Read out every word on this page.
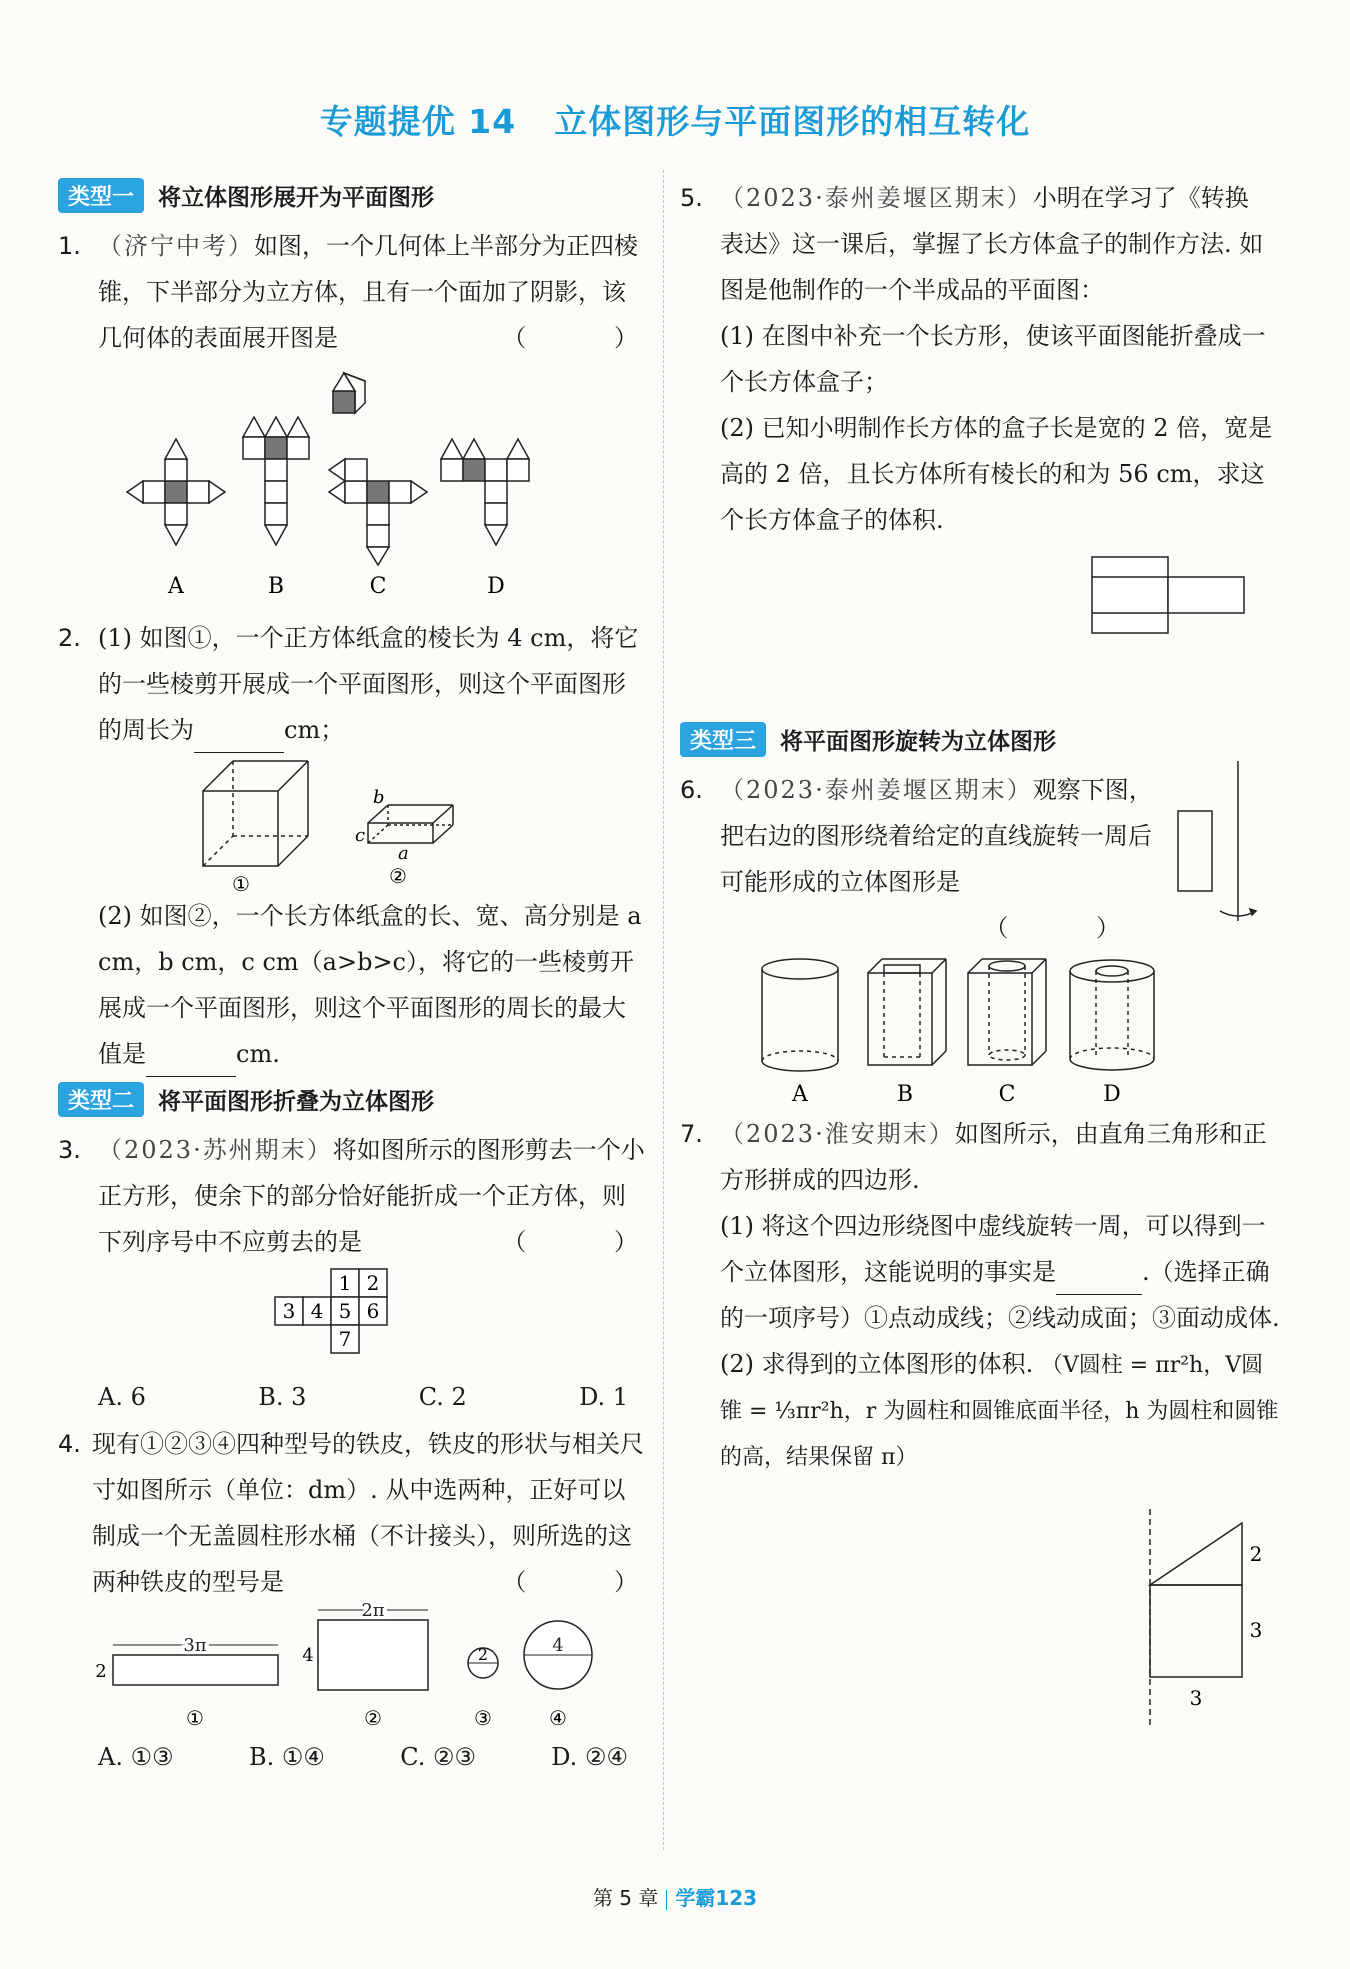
专题提优 14 立体图形与平面图形的相互转化
类型一	将立体图形展开为平面图形
1. （济宁中考）如图，一个几何体上半部分为正四棱锥，下半部分为立方体，且有一个面加了阴影，该几何体的表面展开图是	（ ）
A	B	C	D
2. (1) 如图①，一个正方体纸盒的棱长为 4 cm，将它的一些棱剪开展成一个平面图形，则这个平面图形的周长为	cm；
①
b
c
a
②
(2) 如图②，一个长方体纸盒的长、宽、高分别是 a cm，b cm，c cm（a>b>c），将它的一些棱剪开展成一个平面图形，则这个平面图形的周长的最大值是	cm.
类型二	将平面图形折叠为立体图形
3. （2023·苏州期末）将如图所示的图形剪去一个小正方形，使余下的部分恰好能折成一个正方体，则下列序号中不应剪去的是	（ ）
1 2
3 4 5 6
7
A. 6	B. 3	C. 2	D. 1
4. 现有①②③④四种型号的铁皮，铁皮的形状与相关尺寸如图所示（单位：dm）. 从中选两种，正好可以制成一个无盖圆柱形水桶（不计接头），则所选的这两种铁皮的型号是	（ ）
3π
2
2π
4	2	4
①	②	③	④
A. ①③	B. ①④	C. ②③	D. ②④
5. （2023·泰州姜堰区期末）小明在学习了《转换　表达》这一课后，掌握了长方体盒子的制作方法. 如图是他制作的一个半成品的平面图：
(1) 在图中补充一个长方形，使该平面图能折叠成一个长方体盒子；
(2) 已知小明制作长方体的盒子长是宽的 2 倍，宽是高的 2 倍，且长方体所有棱长的和为 56 cm，求这个长方体盒子的体积.
类型三	将平面图形旋转为立体图形
6. （2023·泰州姜堰区期末）观察下图，把右边的图形绕着给定的直线旋转一周后可能形成的立体图形是
（ ）
A	B	C	D
7. （2023·淮安期末）如图所示，由直角三角形和正方形拼成的四边形.
(1) 将这个四边形绕图中虚线旋转一周，可以得到一个立体图形，这能说明的事实是	.（选择正确的一项序号）①点动成线；②线动成面；③面动成体.
(2) 求得到的立体图形的体积. （V圆柱 = πr²h，V圆锥 = ⅓πr²h，r 为圆柱和圆锥底面半径，h 为圆柱和圆锥的高，结果保留 π）
2
3
3
第 5 章 学霸123
